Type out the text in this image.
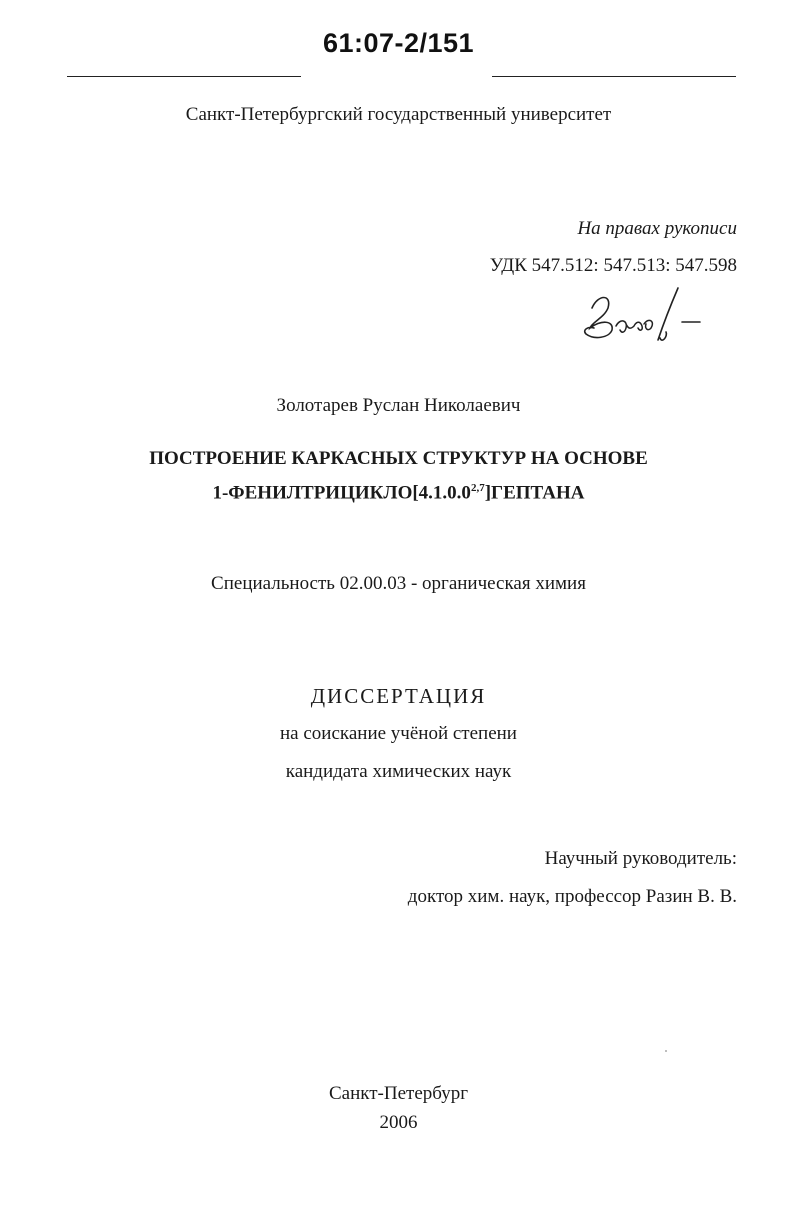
61:07-2/151
Санкт-Петербургский государственный университет
На правах рукописи
УДК 547.512: 547.513: 547.598
Золотарев Руслан Николаевич
ПОСТРОЕНИЕ КАРКАСНЫХ СТРУКТУР НА ОСНОВЕ
1-ФЕНИЛТРИЦИКЛО[4.1.0.0$^{2,7}$]ГЕПТАНА
Специальность 02.00.03 - органическая химия
ДИССЕРТАЦИЯ
на соискание учёной степени
кандидата химических наук
Научный руководитель:
доктор хим. наук, профессор Разин В. В.
Санкт-Петербург
2006
